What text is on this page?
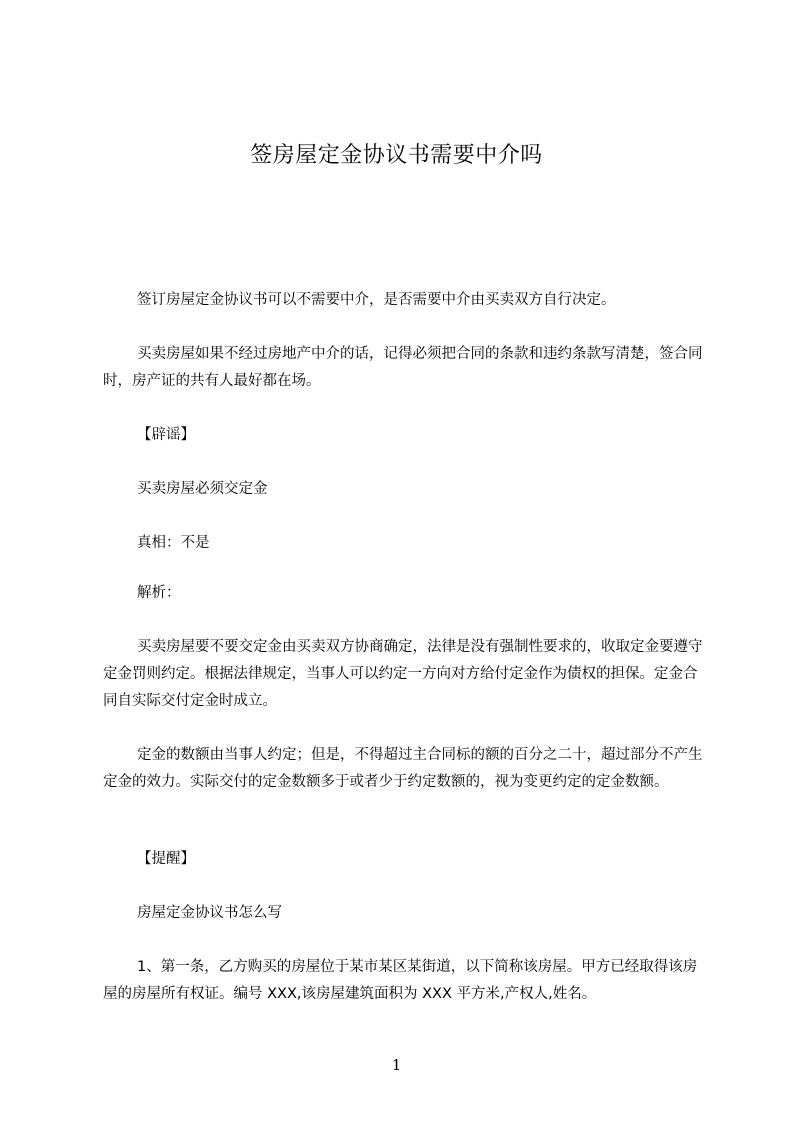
签房屋定金协议书需要中介吗

签订房屋定金协议书可以不需要中介，是否需要中介由买卖双方自行决定。

买卖房屋如果不经过房地产中介的话，记得必须把合同的条款和违约条款写清楚，签合同时，房产证的共有人最好都在场。

【辟谣】

买卖房屋必须交定金

真相：不是

解析：

买卖房屋要不要交定金由买卖双方协商确定，法律是没有强制性要求的，收取定金要遵守定金罚则约定。根据法律规定，当事人可以约定一方向对方给付定金作为债权的担保。定金合同自实际交付定金时成立。

定金的数额由当事人约定；但是，不得超过主合同标的额的百分之二十，超过部分不产生定金的效力。实际交付的定金数额多于或者少于约定数额的，视为变更约定的定金数额。

【提醒】

房屋定金协议书怎么写

1、第一条，乙方购买的房屋位于某市某区某街道，以下简称该房屋。甲方已经取得该房屋的房屋所有权证。编号 XXX,该房屋建筑面积为 XXX 平方米,产权人,姓名。

1
